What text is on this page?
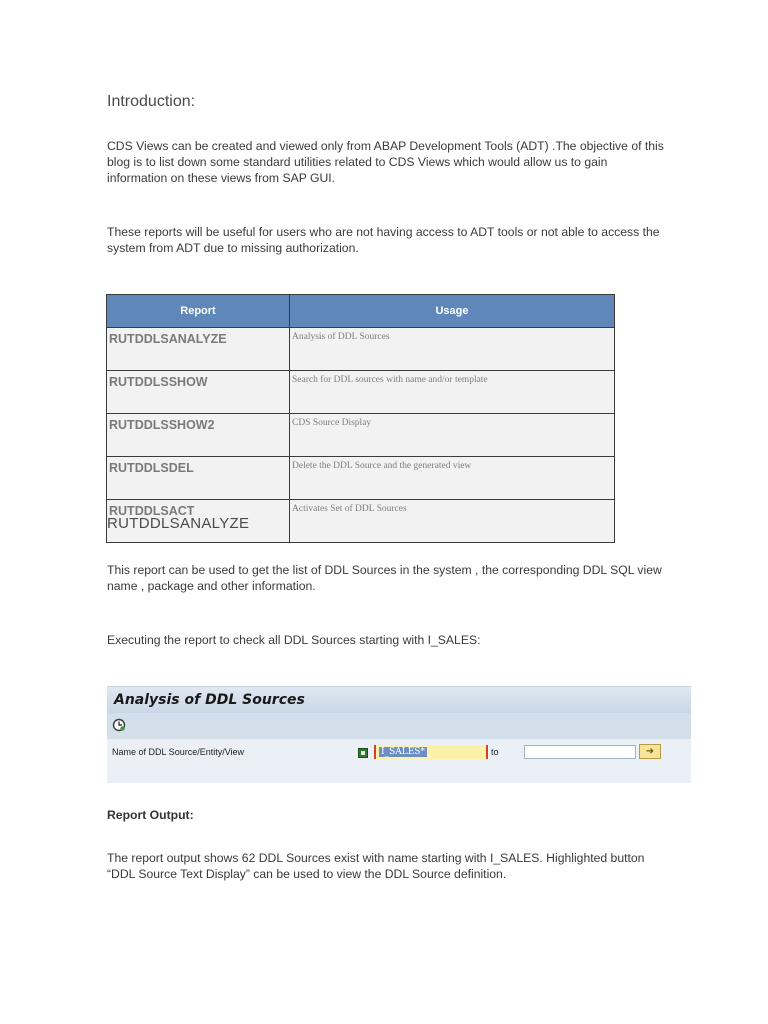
Introduction:

CDS Views can be created and viewed only from ABAP Development Tools (ADT) .The objective of this blog is to list down some standard utilities related to CDS Views which would allow us to gain information on these views from SAP GUI.

These reports will be useful for users who are not having access to ADT tools or not able to access the system from ADT due to missing authorization.

Report	Usage
RUTDDLSANALYZE	Analysis of DDL Sources
RUTDDLSSHOW	Search for DDL sources with name and/or template
RUTDDLSSHOW2	CDS Source Display
RUTDDLSDEL	Delete the DDL Source and the generated view
RUTDDLSACT	Activates Set of DDL Sources
RUTDDLSANALYZE

This report can be used to get the list of DDL Sources in the system , the corresponding DDL SQL view name , package and other information.

Executing the report to check all DDL Sources starting with I_SALES:

Analysis of DDL Sources
Name of DDL Source/Entity/View	I_SALES*	to	➜
Report Output:

The report output shows 62 DDL Sources exist with name starting with I_SALES. Highlighted button “DDL Source Text Display” can be used to view the DDL Source definition.
